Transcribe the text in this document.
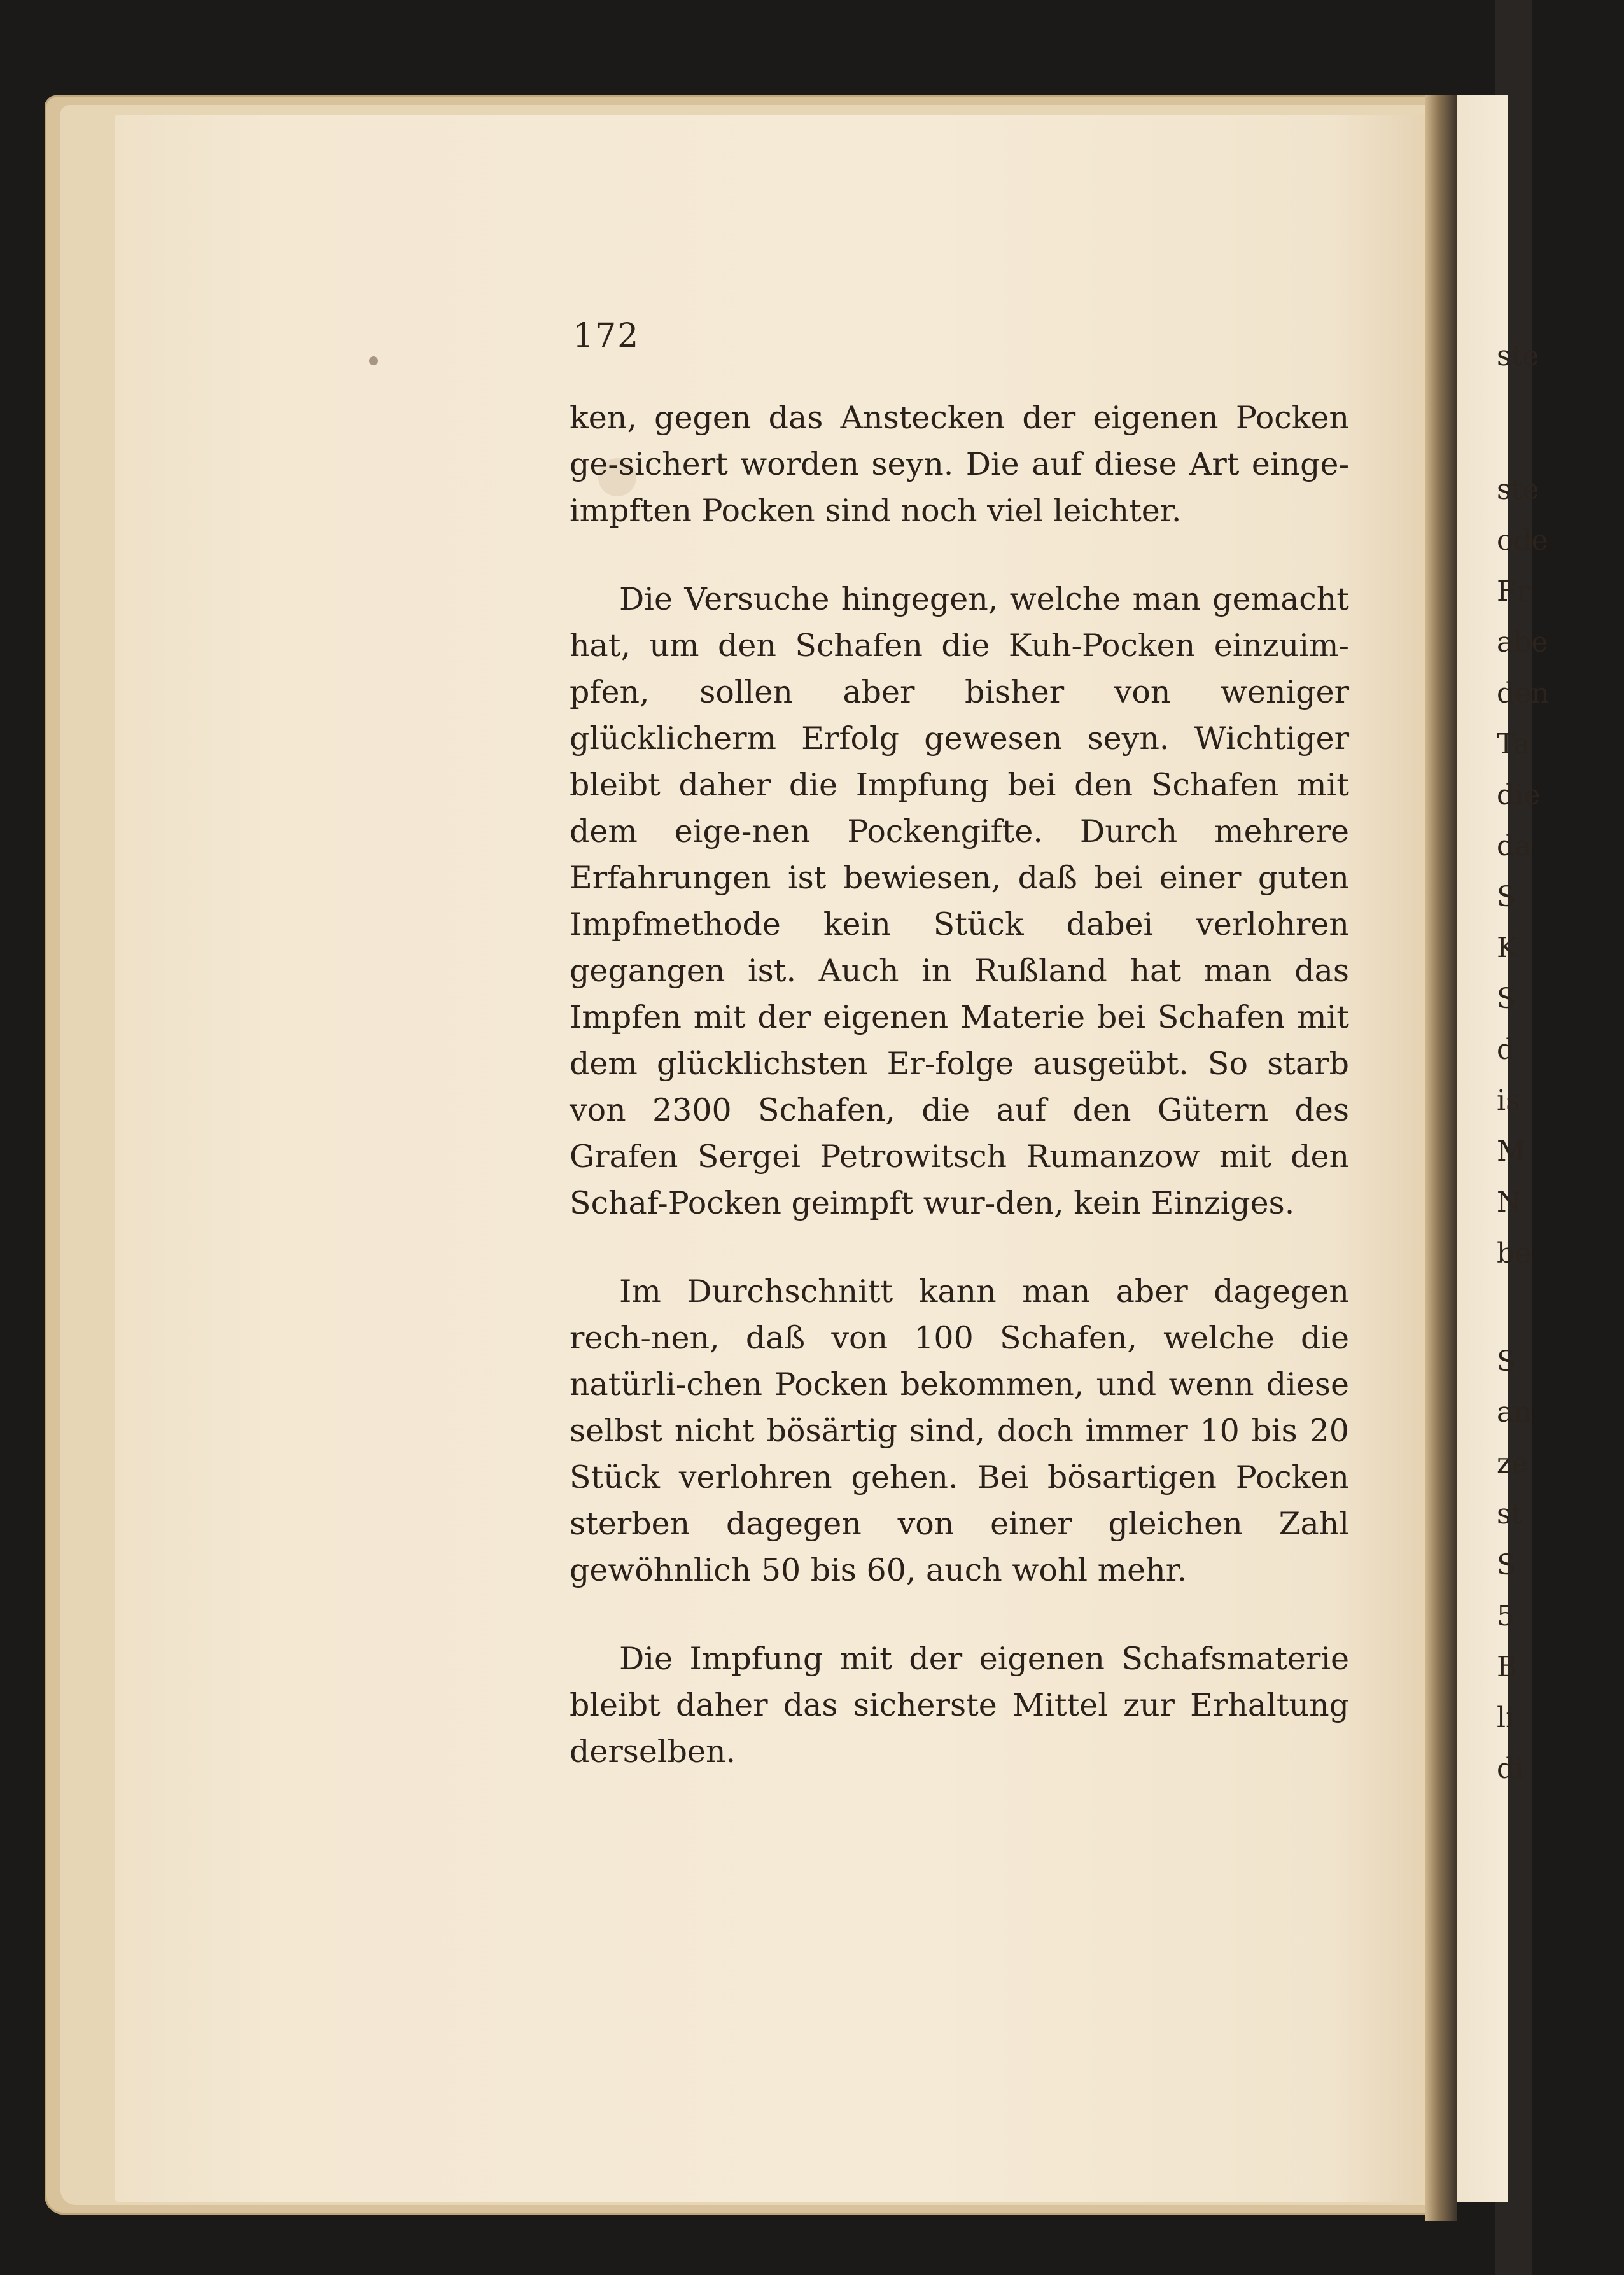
ste
ste
ode
Fr
abe
den
Ta
die
da
S
K
S
d
is
M
N
be
S
an
ze
st
S
5
B
li
di
172

ken, gegen das Anstecken der eigenen Pocken ge-sichert worden seyn. Die auf diese Art einge-impften Pocken sind noch viel leichter.

Die Versuche hingegen, welche man gemacht hat, um den Schafen die Kuh-Pocken einzuim-pfen, sollen aber bisher von weniger glücklicherm Erfolg gewesen seyn. Wichtiger bleibt daher die Impfung bei den Schafen mit dem eige-nen Pockengifte. Durch mehrere Erfahrungen ist bewiesen, daß bei einer guten Impfmethode kein Stück dabei verlohren gegangen ist. Auch in Rußland hat man das Impfen mit der eigenen Materie bei Schafen mit dem glücklichsten Er-folge ausgeübt. So starb von 2300 Schafen, die auf den Gütern des Grafen Sergei Petrowitsch Rumanzow mit den Schaf-Pocken geimpft wur-den, kein Einziges.

Im Durchschnitt kann man aber dagegen rech-nen, daß von 100 Schafen, welche die natürli-chen Pocken bekommen, und wenn diese selbst nicht bösärtig sind, doch immer 10 bis 20 Stück verlohren gehen. Bei bösartigen Pocken sterben dagegen von einer gleichen Zahl gewöhnlich 50 bis 60, auch wohl mehr.

Die Impfung mit der eigenen Schafsmaterie bleibt daher das sicherste Mittel zur Erhaltung derselben.
